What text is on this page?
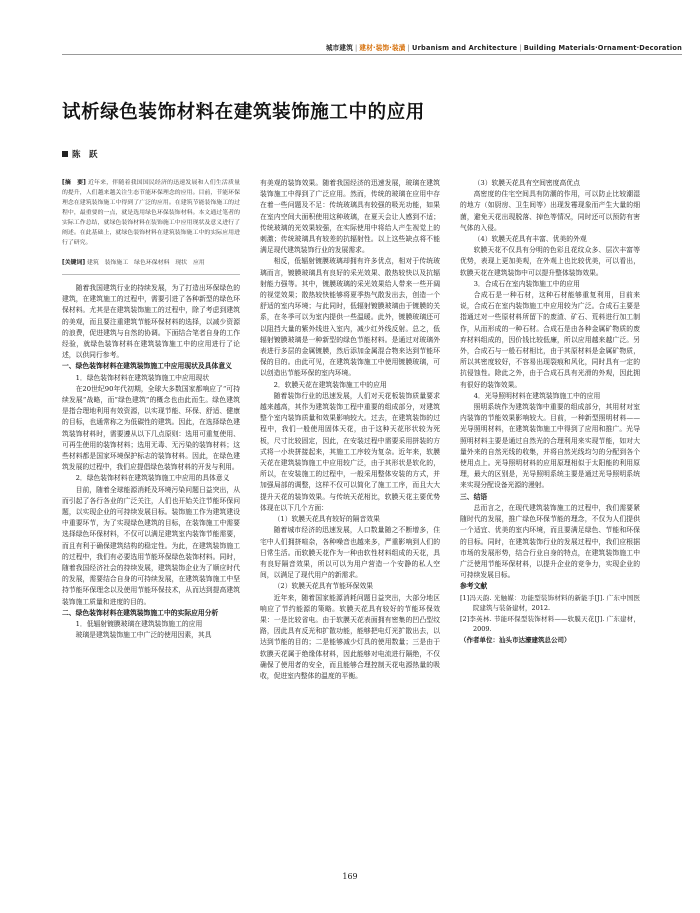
城市建筑 | 建材·装饰·装潢 | Urbanism and Architecture | Building Materials·Ornament·Decoration
试析绿色装饰材料在建筑装饰施工中的应用
陈　跃
[摘　要] 近年来，伴随着我国国民经济的迅速发展和人们生活质量的提升，人们越来越关注生态节能环保理念的应用。目前，节能环保理念在建筑装饰施工中得到了广泛的应用。在建筑节能装饰施工的过程中，最重要的一点，就是选用绿色环保装饰材料。本文通过笔者的实际工作总结，就绿色装饰材料在装饰施工中应用现状及意义进行了阐述。在此基础上，就绿色装饰材料在建筑装饰施工中的实际应用进行了研究。
[关键词] 建筑　装饰施工　绿色环保材料　现状　应用

随着我国建筑行业的持续发展，为了打造出环保绿色的建筑，在建筑施工的过程中，需要引进了各种新型的绿色环保材料。尤其是在建筑装饰施工的过程中，除了考虑到建筑的美观，而且要注重建筑节能环保材料的选择，以减少资源的浪费，促进建筑与自然的协调。下面结合笔者自身的工作经验，就绿色装饰材料在建筑装饰施工中的应用进行了论述，以供同行参考。

一、绿色装饰材料在建筑装饰施工中应用现状及具体意义

1．绿色装饰材料在建筑装饰施工中应用现状

在20世纪90年代初期，全球大多数国家都响应了“可持续发展”战略，而“绿色建筑”的概念也由此而生。绿色建筑是指合理地利用有效资源，以实现节能、环保、舒适、健康的目标，也通常称之为低碳性的建筑。因此，在选择绿色建筑装饰材料时，需要遵从以下几点原则：选用可重复使用、可再生使用的装饰材料；选用无毒、无污染的装饰材料；这些材料都是国家环境保护标志的装饰材料。因此，在绿色建筑发展的过程中，我们应提倡绿色装饰材料的开发与利用。

2．绿色装饰材料在建筑装饰施工中应用的具体意义

目前，随着全球能源消耗及环境污染问题日益突出，从而引起了各行各业的广泛关注，人们也开始关注节能环保问题，以实现企业的可持续发展目标。装饰施工作为建筑建设中重要环节，为了实现绿色建筑的目标，在装饰施工中需要选择绿色环保材料，不仅可以满足建筑室内装饰节能需要，而且有利于确保建筑结构的稳定性。为此，在建筑装饰施工的过程中，我们有必要选用节能环保绿色装饰材料。同时，随着我国经济社会的持续发展，建筑装饰企业为了顺应时代的发展，需要结合自身的可持续发展，在建筑装饰施工中坚持节能环保理念以及使用节能环保技术，从而达到提高建筑装饰施工质量和进度的目的。

二、绿色装饰材料在建筑装饰施工中的实际应用分析

1．低辐射镀膜玻璃在建筑装饰施工的应用

玻璃是建筑装饰施工中广泛的使用因素，其具

有美观的装饰效果。随着我国经济的迅速发展，玻璃在建筑装饰施工中得到了广泛应用。然而，传统的玻璃在应用中存在着一些问题及不足：传统玻璃具有较强的吸光功能，如果在室内空间大面积使用这种玻璃，在夏天会让人感到不适；传统玻璃的光效果较强，在实际使用中将给人产生视觉上的刺激；传统玻璃具有较差的抗辐射性。以上这些缺点将不能满足现代建筑装饰行业的发展需求。

相反，低辐射镀膜玻璃却拥有许多优点，相对于传统玻璃而言，镀膜玻璃具有良好的采光效果、散热较快以及抗辐射能力强等。其中，镀膜玻璃的采光效果给人带来一些开阔的视觉效果；散热较快能够将夏季热气散发出去，创造一个舒适的室内环境；与此同时，低辐射镀膜玻璃由于镀膜的关系，在冬季可以为室内提供一些温暖。此外，镀膜玻璃还可以阻挡大量的紫外线进入室内，减少红外线反射。总之，低辐射镀膜玻璃是一种新型的绿色节能材料。是通过对玻璃外表进行多层的金属镀膜，然后添加金属混合物来达到节能环保的目的。由此可见，在建筑装饰施工中使用镀膜玻璃，可以创造出节能环保的室内环境。

2．软膜天花在建筑装饰施工中的应用

随着装饰行业的迅速发展，人们对天花板装饰质量要求越来越高，其作为建筑装饰工程中重要的组成部分，对建筑整个室内装饰质量和效果影响较大。过去，在建筑装饰的过程中，我们一般使用固体天花，由于这种天花形状较为死板，尺寸比较固定，因此，在安装过程中需要采用拼装的方式将一小块拼接起来，其施工工序较为复杂。近年来，软膜天花在建筑装饰施工中应用较广泛，由于其形状是软化的，所以，在安装施工的过程中，一般采用整体安装的方式，并加强局部的调整，这样不仅可以简化了施工工序，而且大大提升天花的装饰效果。与传统天花相比，软膜天花主要优势体现在以下几个方面：

（1）软膜天花具有较好的隔音效果

随着城市经济的迅速发展，人口数量随之不断增多，住宅中人们拥挤喧杂，各种噪音也越来多，严重影响到人们的日常生活。而软膜天花作为一种由软性材料组成的天花，具有良好隔音效果，所以可以为用户营造一个安静的私人空间，以满足了现代用户的新需求。

（2）软膜天花具有节能环保效果

近年来，随着国家能源消耗问题日益突出，大部分地区响应了节约能源的策略。软膜天花具有较好的节能环保效果：一是比较省电。由于软膜天花表面拥有密集的凹凸型纹路，因此具有反光和扩散功能，能够把电灯光扩散出去，以达到节能的目的；二是能够减少灯具的使用数量；三是由于软膜天花属于绝缘体材料，因此能够对电流进行隔绝，不仅确保了使用者的安全，而且能够合理控制天花电源热量的吸收，促进室内整体的温度的平衡。

（3）软膜天花具有空间密度高优点

高密度的住宅空间具有防潮的作用，可以防止比较潮湿的地方（如厨房、卫生间等）出现发霉现象而产生大量的细菌，避免天花出现脱落、掉色等情况，同时还可以预防有害气体的入侵。

（4）软膜天花具有丰富、优美的外观

软膜天花不仅具有分明的色彩且花纹众多、层次丰富等优势，表现上更加美观，在外观上也比较优美，可以看出，软膜天花在建筑装饰中可以提升整体装饰效果。

3．合成石在室内装饰施工中的应用

合成石是一种石材，这种石材能够重复利用，目前来说，合成石在室内装饰施工中应用较为广泛。合成石主要是指通过对一些原材料所留下的废渣、矿石、荒料进行加工制作，从而形成的一种石材。合成石是由各种金属矿物质的废弃材料组成的，因价钱比较低廉，所以应用越来越广泛。另外，合成石与一般石材相比，由于其原材料是金属矿物质，所以其密度较好，不容易出现裂痕和风化，同时具有一定的抗侵蚀性。除此之外，由于合成石具有光滑的外观，因此拥有很好的装饰效果。

4．光导照明材料在建筑装饰施工中的应用

照明系统作为建筑装饰中重要的组成部分，其用材对室内装饰的节能效果影响较大。目前，一种新型照明材料——光导照明材料，在建筑装饰施工中得到了应用和推广。光导照明材料主要是通过自然光的合理利用来实现节能，如对大量外来的自然光线的收集，并将自然光线均匀的分配到各个使用点上。光导照明材料的应用原理相似于太阳能的利用原理，最大的区别是，光导照明系统主要是通过光导照明系统来实现分配设备光源的漫射。

三、结语

总而言之，在现代建筑装饰施工的过程中，我们需要紧随时代的发展，推广绿色环保节能的理念，不仅为人们提供一个适宜、优美的室内环境，而且要满足绿色、节能和环保的目标。同时，在建筑装饰行业的发展过程中，我们应根据市场的发展形势，结合行业自身的特点，在建筑装饰施工中广泛使用节能环保材料，以提升企业的竞争力，实现企业的可持续发展目标。

参考文献

[1]冯天韵. 光触媒：功能型装饰材料的新能手[J]. 广东中国医院建筑与装备建材，2012.

[2]李英林. 节能环保型装饰材料——软膜天花[J]. 广东建材，2009.

（作者单位：汕头市达濠建筑总公司）

169
